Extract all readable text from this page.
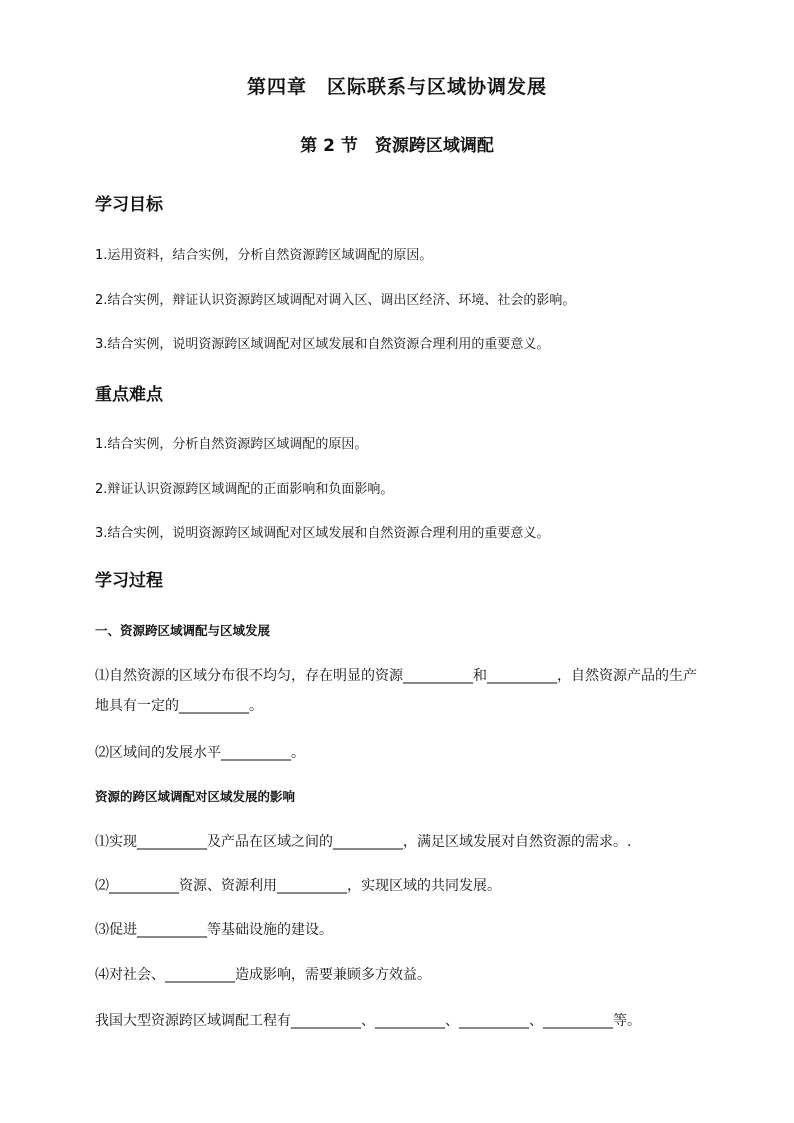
第四章　区际联系与区域协调发展
第 2 节　资源跨区域调配
学习目标
1.运用资料，结合实例，分析自然资源跨区域调配的原因。
2.结合实例，辩证认识资源跨区域调配对调入区、调出区经济、环境、社会的影响。
3.结合实例，说明资源跨区域调配对区域发展和自然资源合理利用的重要意义。
重点难点
1.结合实例，分析自然资源跨区域调配的原因。
2.辩证认识资源跨区域调配的正面影响和负面影响。
3.结合实例，说明资源跨区域调配对区域发展和自然资源合理利用的重要意义。
学习过程
一、资源跨区域调配与区域发展
⑴自然资源的区域分布很不均匀，存在明显的资源__________和__________，自然资源产品的生产
地具有一定的__________。
⑵区域间的发展水平__________。
资源的跨区域调配对区域发展的影响
⑴实现__________及产品在区域之间的__________，满足区域发展对自然资源的需求。.
⑵__________资源、资源利用__________，实现区域的共同发展。
⑶促进__________等基础设施的建设。
⑷对社会、__________造成影响，需要兼顾多方效益。
我国大型资源跨区域调配工程有__________、__________、__________、__________等。
